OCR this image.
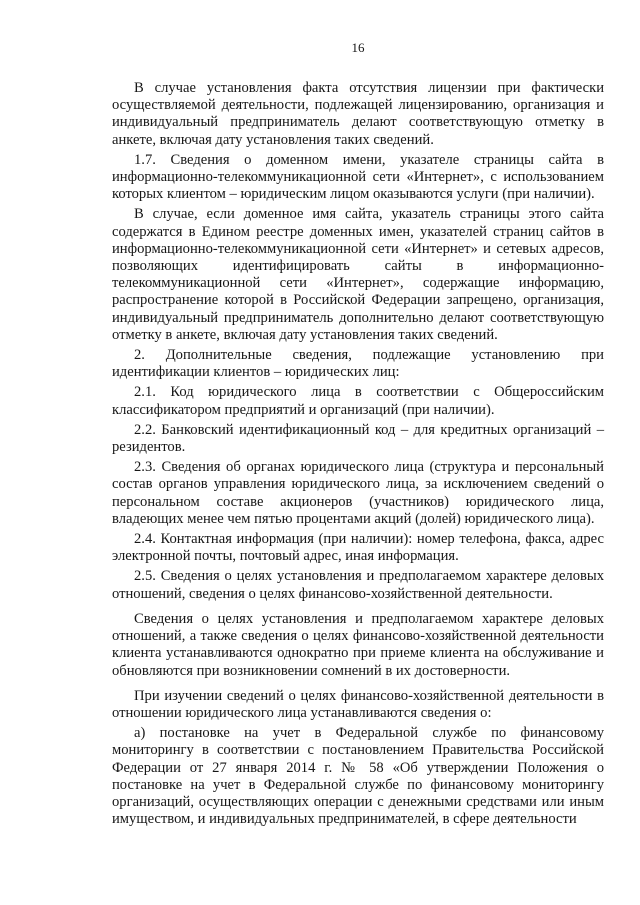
16

В случае установления факта отсутствия лицензии при фактически осуществляемой деятельности, подлежащей лицензированию, организация и индивидуальный предприниматель делают соответствующую отметку в анкете, включая дату установления таких сведений.

1.7. Сведения о доменном имени, указателе страницы сайта в информационно-телекоммуникационной сети «Интернет», с использованием которых клиентом – юридическим лицом оказываются услуги (при наличии).

В случае, если доменное имя сайта, указатель страницы этого сайта содержатся в Едином реестре доменных имен, указателей страниц сайтов в информационно-телекоммуникационной сети «Интернет» и сетевых адресов, позволяющих идентифицировать сайты в информационно-телекоммуникационной сети «Интернет», содержащие информацию, распространение которой в Российской Федерации запрещено, организация, индивидуальный предприниматель дополнительно делают соответствующую отметку в анкете, включая дату установления таких сведений.

2. Дополнительные сведения, подлежащие установлению при идентификации клиентов – юридических лиц:

2.1. Код юридического лица в соответствии с Общероссийским классификатором предприятий и организаций (при наличии).

2.2. Банковский идентификационный код – для кредитных организаций – резидентов.

2.3. Сведения об органах юридического лица (структура и персональный состав органов управления юридического лица, за исключением сведений о персональном составе акционеров (участников) юридического лица, владеющих менее чем пятью процентами акций (долей) юридического лица).

2.4. Контактная информация (при наличии): номер телефона, факса, адрес электронной почты, почтовый адрес, иная информация.

2.5. Сведения о целях установления и предполагаемом характере деловых отношений, сведения о целях финансово-хозяйственной деятельности.

Сведения о целях установления и предполагаемом характере деловых отношений, а также сведения о целях финансово-хозяйственной деятельности клиента устанавливаются однократно при приеме клиента на обслуживание и обновляются при возникновении сомнений в их достоверности.

При изучении сведений о целях финансово-хозяйственной деятельности в отношении юридического лица устанавливаются сведения о:

а) постановке на учет в Федеральной службе по финансовому мониторингу в соответствии с постановлением Правительства Российской Федерации от 27 января 2014 г. № 58 «Об утверждении Положения о постановке на учет в Федеральной службе по финансовому мониторингу организаций, осуществляющих операции с денежными средствами или иным имуществом, и индивидуальных предпринимателей, в сфере деятельности
